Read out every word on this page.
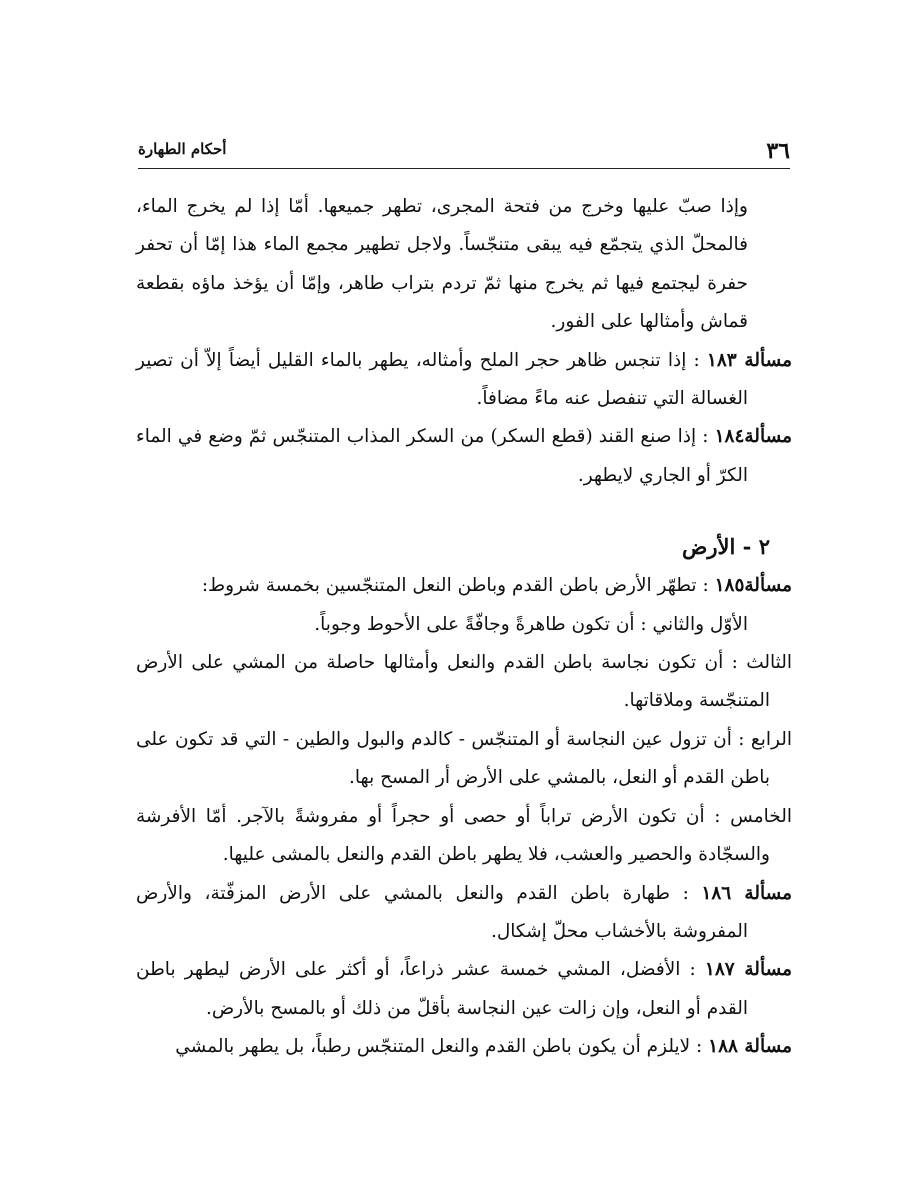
٣٦
أحكام الطهارة

وإذا صبّ عليها وخرج من فتحة المجرى، تطهر جميعها. أمّا إذا لم يخرج الماء، فالمحلّ الذي يتجمّع فيه يبقى متنجّساً. ولاجل تطهير مجمع الماء هذا إمّا أن تحفر حفرة ليجتمع فيها ثم يخرج منها ثمّ تردم بتراب طاهر، وإمّا أن يؤخذ ماؤه بقطعة قماش وأمثالها على الفور.

مسألة ١٨٣ : إذا تنجس ظاهر حجر الملح وأمثاله، يطهر بالماء القليل أيضاً إلاّ أن تصير الغسالة التي تنفصل عنه ماءً مضافاً.

مسألة١٨٤ : إذا صنع القند (قطع السكر) من السكر المذاب المتنجّس ثمّ وضع في الماء الكرّ أو الجاري لايطهر.

٢ - الأرض

مسألة١٨٥ : تطهّر الأرض باطن القدم وباطن النعل المتنجّسين بخمسة شروط:

الأوّل والثاني : أن تكون طاهرةً وجافّةً على الأحوط وجوباً.

الثالث : أن تكون نجاسة باطن القدم والنعل وأمثالها حاصلة من المشي على الأرض المتنجّسة وملاقاتها.

الرابع : أن تزول عين النجاسة أو المتنجّس - كالدم والبول والطين - التي قد تكون على باطن القدم أو النعل، بالمشي على الأرض أر المسح بها.

الخامس : أن تكون الأرض تراباً أو حصى أو حجراً أو مفروشةً بالآجر. أمّا الأفرشة والسجّادة والحصير والعشب، فلا يطهر باطن القدم والنعل بالمشى عليها.

مسألة ١٨٦ : طهارة باطن القدم والنعل بالمشي على الأرض المزفّتة، والأرض المفروشة بالأخشاب محلّ إشكال.

مسألة ١٨٧ : الأفضل، المشي خمسة عشر ذراعاً، أو أكثر على الأرض ليطهر باطن القدم أو النعل، وإن زالت عين النجاسة بأقلّ من ذلك أو بالمسح بالأرض.

مسألة ١٨٨ : لايلزم أن يكون باطن القدم والنعل المتنجّس رطباً، بل يطهر بالمشي
